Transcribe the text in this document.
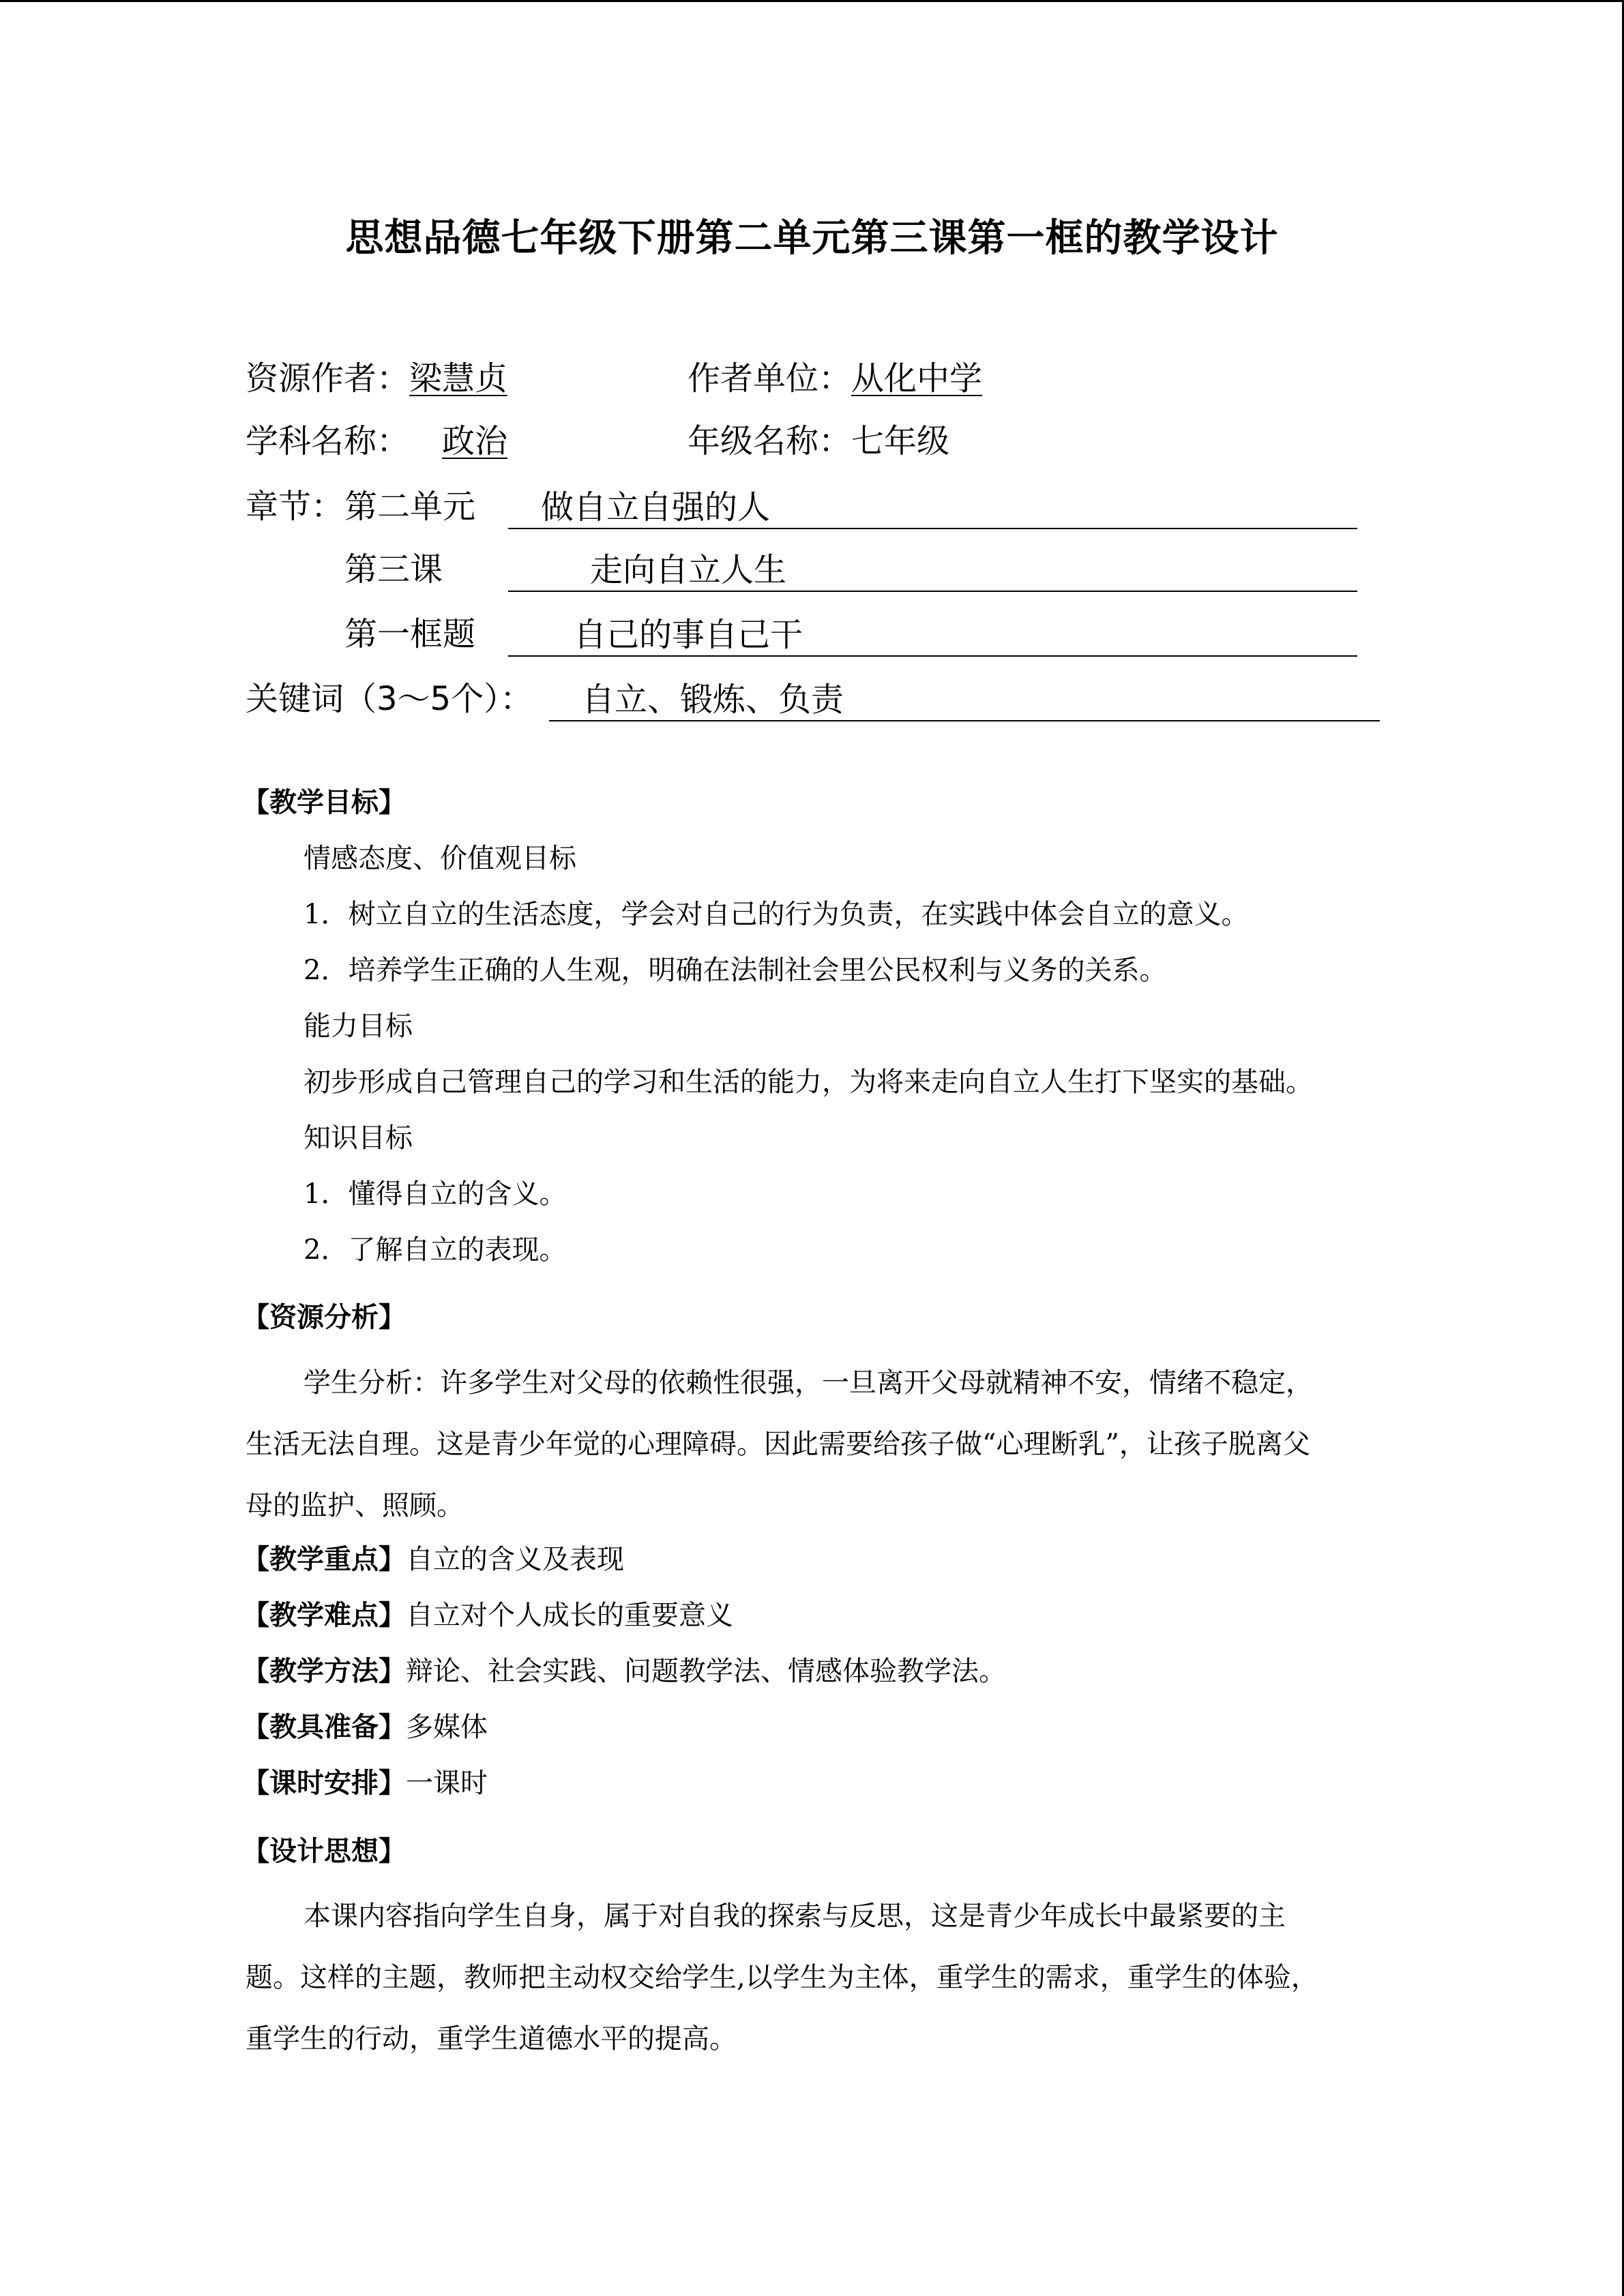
思想品德七年级下册第二单元第三课第一框的教学设计
资源作者：梁慧贞	作者单位：从化中学
学科名称： 政治	年级名称：七年级
章节： 第二单元	做自立自强的人
第三课	走向自立人生
第一框题	自己的事自己干
关键词（3～5个）：	自立、锻炼、负责
【教学目标】
情感态度、价值观目标
1．树立自立的生活态度，学会对自己的行为负责，在实践中体会自立的意义。
2．培养学生正确的人生观，明确在法制社会里公民权利与义务的关系。
能力目标
初步形成自己管理自己的学习和生活的能力，为将来走向自立人生打下坚实的基础。
知识目标
1．懂得自立的含义。
2．了解自立的表现。
【资源分析】
学生分析：许多学生对父母的依赖性很强，一旦离开父母就精神不安，情绪不稳定，
生活无法自理。这是青少年觉的心理障碍。因此需要给孩子做“心理断乳”，让孩子脱离父
母的监护、照顾。
【教学重点】自立的含义及表现
【教学难点】自立对个人成长的重要意义
【教学方法】辩论、社会实践、问题教学法、情感体验教学法。
【教具准备】多媒体
【课时安排】一课时
【设计思想】
本课内容指向学生自身，属于对自我的探索与反思，这是青少年成长中最紧要的主
题。这样的主题，教师把主动权交给学生,以学生为主体，重学生的需求，重学生的体验，
重学生的行动，重学生道德水平的提高。
